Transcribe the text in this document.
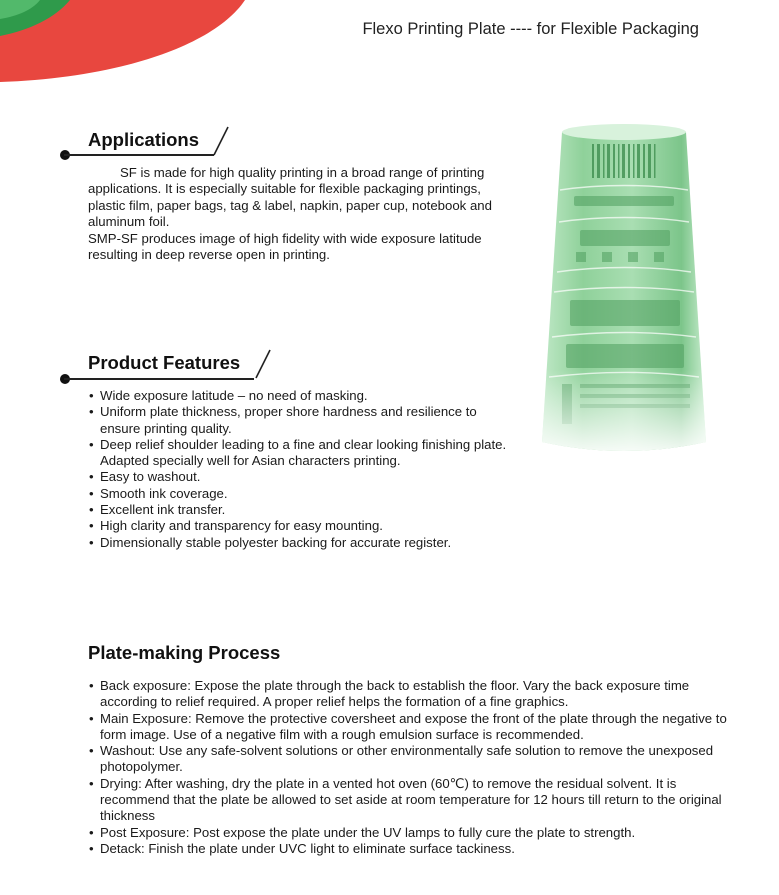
Flexo Printing Plate ---- for Flexible Packaging
Applications

SF is made for high quality printing in a broad range of printing applications. It is especially suitable for flexible packaging printings, plastic film, paper bags, tag & label, napkin, paper cup, notebook and aluminum foil.

SMP-SF produces image of high fidelity with wide exposure latitude resulting in deep reverse open in printing.

Product Features
• Wide exposure latitude – no need of masking.
• Uniform plate thickness, proper shore hardness and resilience to ensure printing quality.
• Deep relief shoulder leading to a fine and clear looking finishing plate. Adapted specially well for Asian characters printing.
• Easy to washout.
• Smooth ink coverage.
• Excellent ink transfer.
• High clarity and transparency for easy mounting.
• Dimensionally stable polyester backing for accurate register.
Plate-making Process
• Back exposure: Expose the plate through the back to establish the floor. Vary the back exposure time according to relief required. A proper relief helps the formation of a fine graphics.
• Main Exposure: Remove the protective coversheet and expose the front of the plate through the negative to form image. Use of a negative film with a rough emulsion surface is recommended.
• Washout: Use any safe-solvent solutions or other environmentally safe solution to remove the unexposed photopolymer.
• Drying: After washing, dry the plate in a vented hot oven (60℃) to remove the residual solvent. It is recommend that the plate be allowed to set aside at room temperature for 12 hours till return to the original thickness
• Post Exposure: Post expose the plate under the UV lamps to fully cure the plate to strength.
• Detack: Finish the plate under UVC light to eliminate surface tackiness.
